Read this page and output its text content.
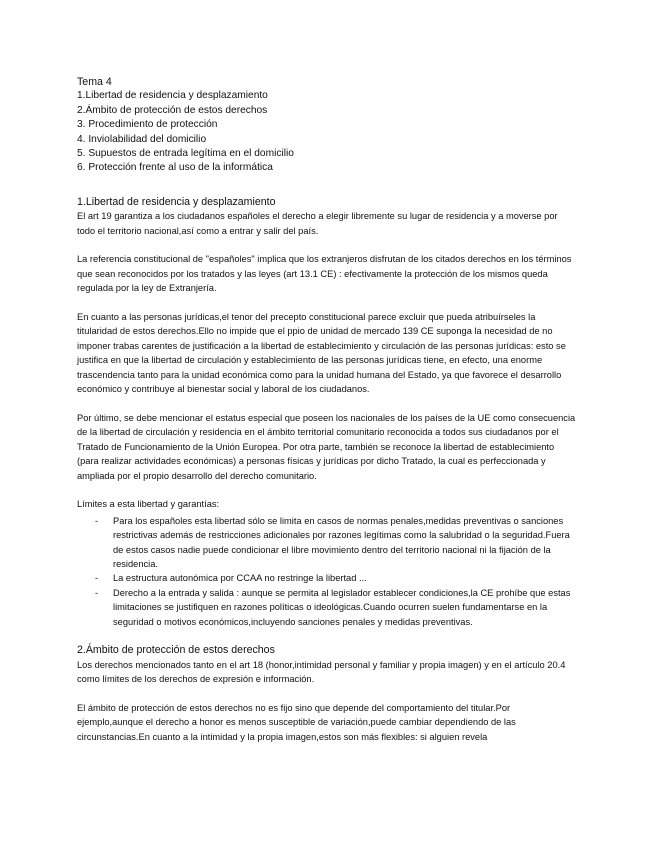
Tema 4
1.Libertad de residencia y desplazamiento
2.Ámbito de protección de estos derechos
3. Procedimiento de protección
4. Inviolabilidad del domicilio
5. Supuestos de entrada legítima en el domicilio
6. Protección frente al uso de la informática
1.Libertad de residencia y desplazamiento

El art 19 garantiza a los ciudadanos españoles el derecho a elegir libremente su lugar de residencia y a moverse por todo el territorio nacional,así como a entrar y salir del país.

La referencia constitucional de "españoles" implica que los extranjeros disfrutan de los citados derechos en los términos que sean reconocidos por los tratados y las leyes (art 13.1 CE) : efectivamente la protección de los mismos queda regulada por la ley de Extranjería.

En cuanto a las personas jurídicas,el tenor del precepto constitucional parece excluir que pueda atribuírseles la titularidad de estos derechos.Ello no impide que el ppio de unidad de mercado 139 CE suponga la necesidad de no imponer trabas carentes de justificación a la libertad de establecimiento y circulación de las personas jurídicas: esto se justifica en que la libertad de circulación y establecimiento de las personas jurídicas tiene, en efecto, una enorme trascendencia tanto para la unidad económica como para la unidad humana del Estado, ya que favorece el desarrollo económico y contribuye al bienestar social y laboral de los ciudadanos.

Por último, se debe mencionar el estatus especial que poseen los nacionales de los países de la UE como consecuencia de la libertad de circulación y residencia en el ámbito territorial comunitario reconocida a todos sus ciudadanos por el Tratado de Funcionamiento de la Unión Europea. Por otra parte, también se reconoce la libertad de establecimiento (para realizar actividades económicas) a personas físicas y jurídicas por dicho Tratado, la cual es perfeccionada y ampliada por el propio desarrollo del derecho comunitario.

Límites a esta libertad y garantías:
- Para los españoles esta libertad sólo se limita en casos de normas penales,medidas preventivas o sanciones restrictivas además de restricciones adicionales por razones legítimas como la salubridad o la seguridad.Fuera de estos casos nadie puede condicionar el libre movimiento dentro del territorio nacional ni la fijación de la residencia.
- La estructura autonómica por CCAA no restringe la libertad ...
- Derecho a la entrada y salida : aunque se permita al legislador establecer condiciones,la CE prohíbe que estas limitaciones se justifiquen en razones políticas o ideológicas.Cuando ocurren suelen fundamentarse en la seguridad o motivos económicos,incluyendo sanciones penales y medidas preventivas.
2.Ámbito de protección de estos derechos

Los derechos mencionados tanto en el art 18 (honor,intimidad personal y familiar y propia imagen) y en el artículo 20.4 como límites de los derechos de expresión e información.

El ámbito de protección de estos derechos no es fijo sino que depende del comportamiento del titular.Por ejemplo,aunque el derecho a honor es menos susceptible de variación,puede cambiar dependiendo de las circunstancias.En cuanto a la intimidad y la propia imagen,estos son más flexibles: si alguien revela
